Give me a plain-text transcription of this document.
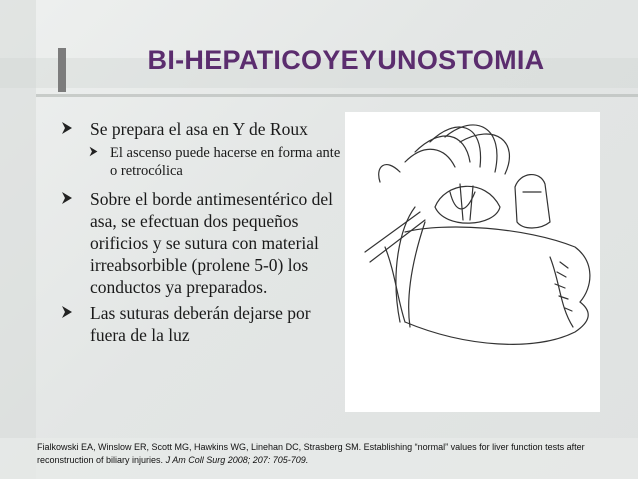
BI-HEPATICOYEYUNOSTOMIA

Se prepara el asa en Y de Roux

El ascenso puede hacerse en forma ante o retrocólica

Sobre el borde antimesentérico del asa, se efectuan dos pequeños orificios y se sutura con material irreabsorbible (prolene 5-0) los conductos ya preparados.

Las suturas deberán dejarse por fuera de la luz

Fialkowski EA, Winslow ER, Scott MG, Hawkins WG, Linehan DC, Strasberg SM. Establishing “normal” values for liver function tests after reconstruction of biliary injuries. J Am Coll Surg 2008; 207: 705-709.
